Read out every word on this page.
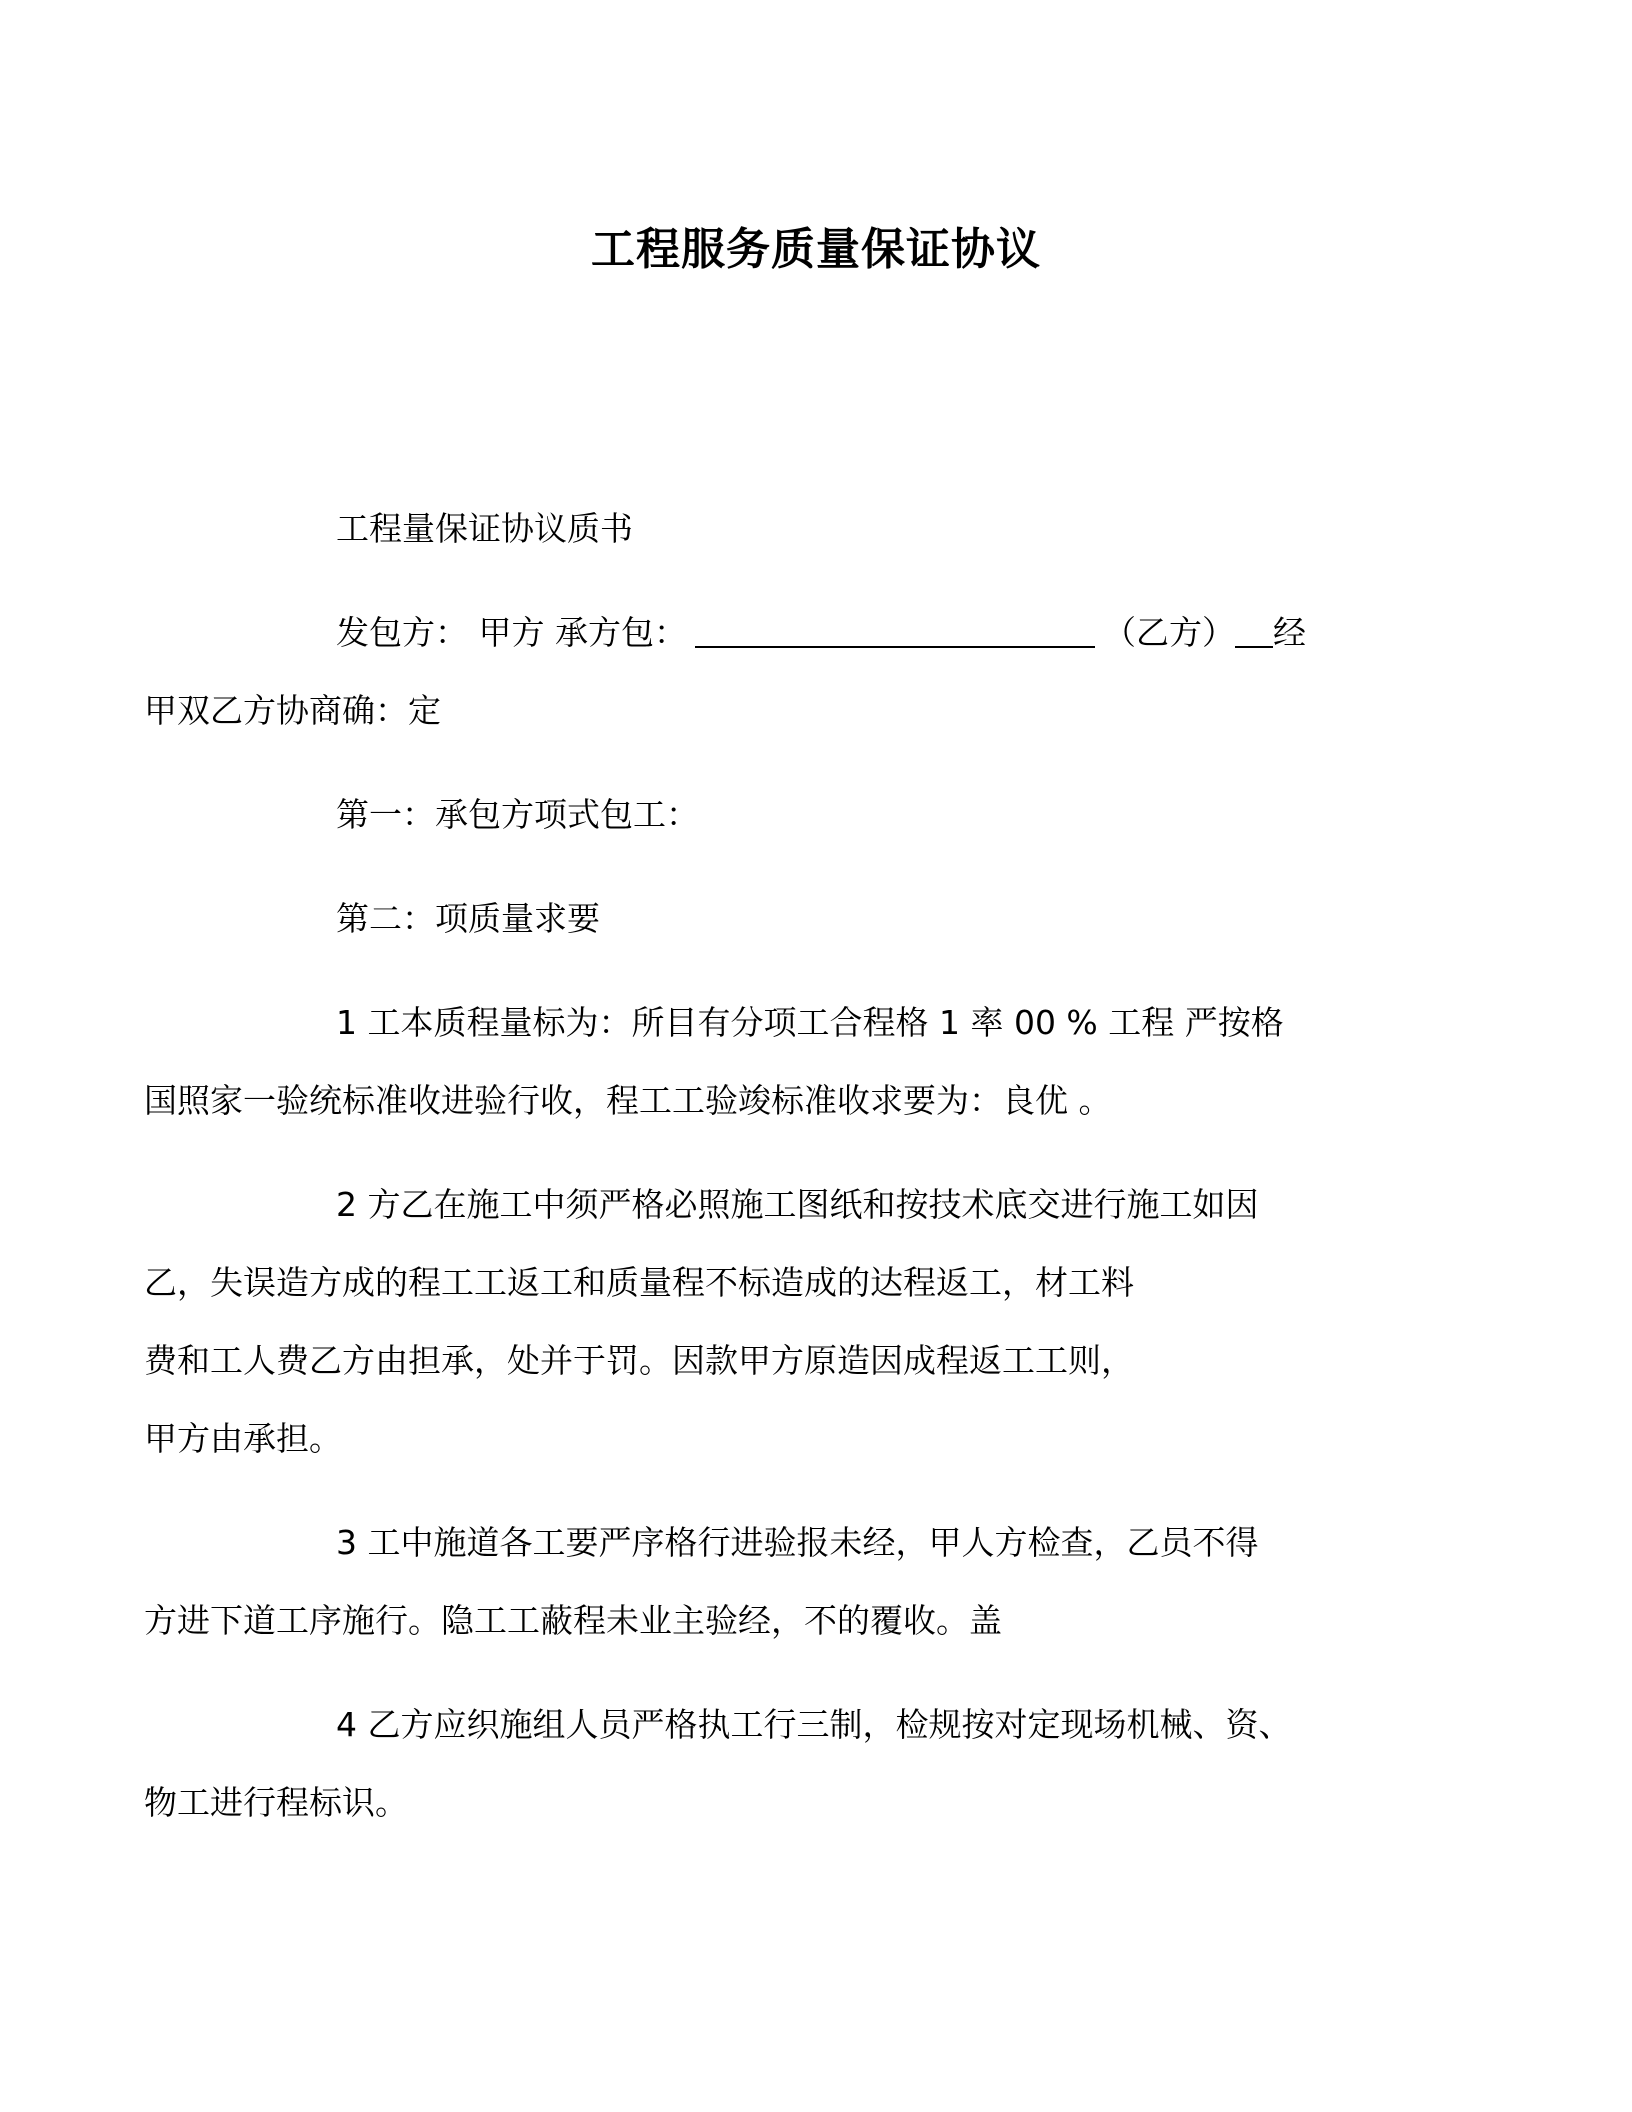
工程服务质量保证协议

工程量保证协议质书

发包方： 甲方 承方包：	（乙方） 经
甲双乙方协商确：定

第一：承包方项式包工：

第二：项质量求要

1 工本质程量标为：所目有分项工合程格 1 率 00 % 工程 严按格
国照家一验统标准收进验行收，程工工验竣标准收求要为：良优 。

2 方乙在施工中须严格必照施工图纸和按技术底交进行施工如因
乙，失误造方成的程工工返工和质量程不标造成的达程返工，材工料
费和工人费乙方由担承，处并于罚。因款甲方原造因成程返工工则，
甲方由承担。

3 工中施道各工要严序格行进验报未经，甲人方检查，乙员不得
方进下道工序施行。隐工工蔽程未业主验经，不的覆收。盖

4 乙方应织施组人员严格执工行三制，检规按对定现场机械、资、
物工进行程标识。
